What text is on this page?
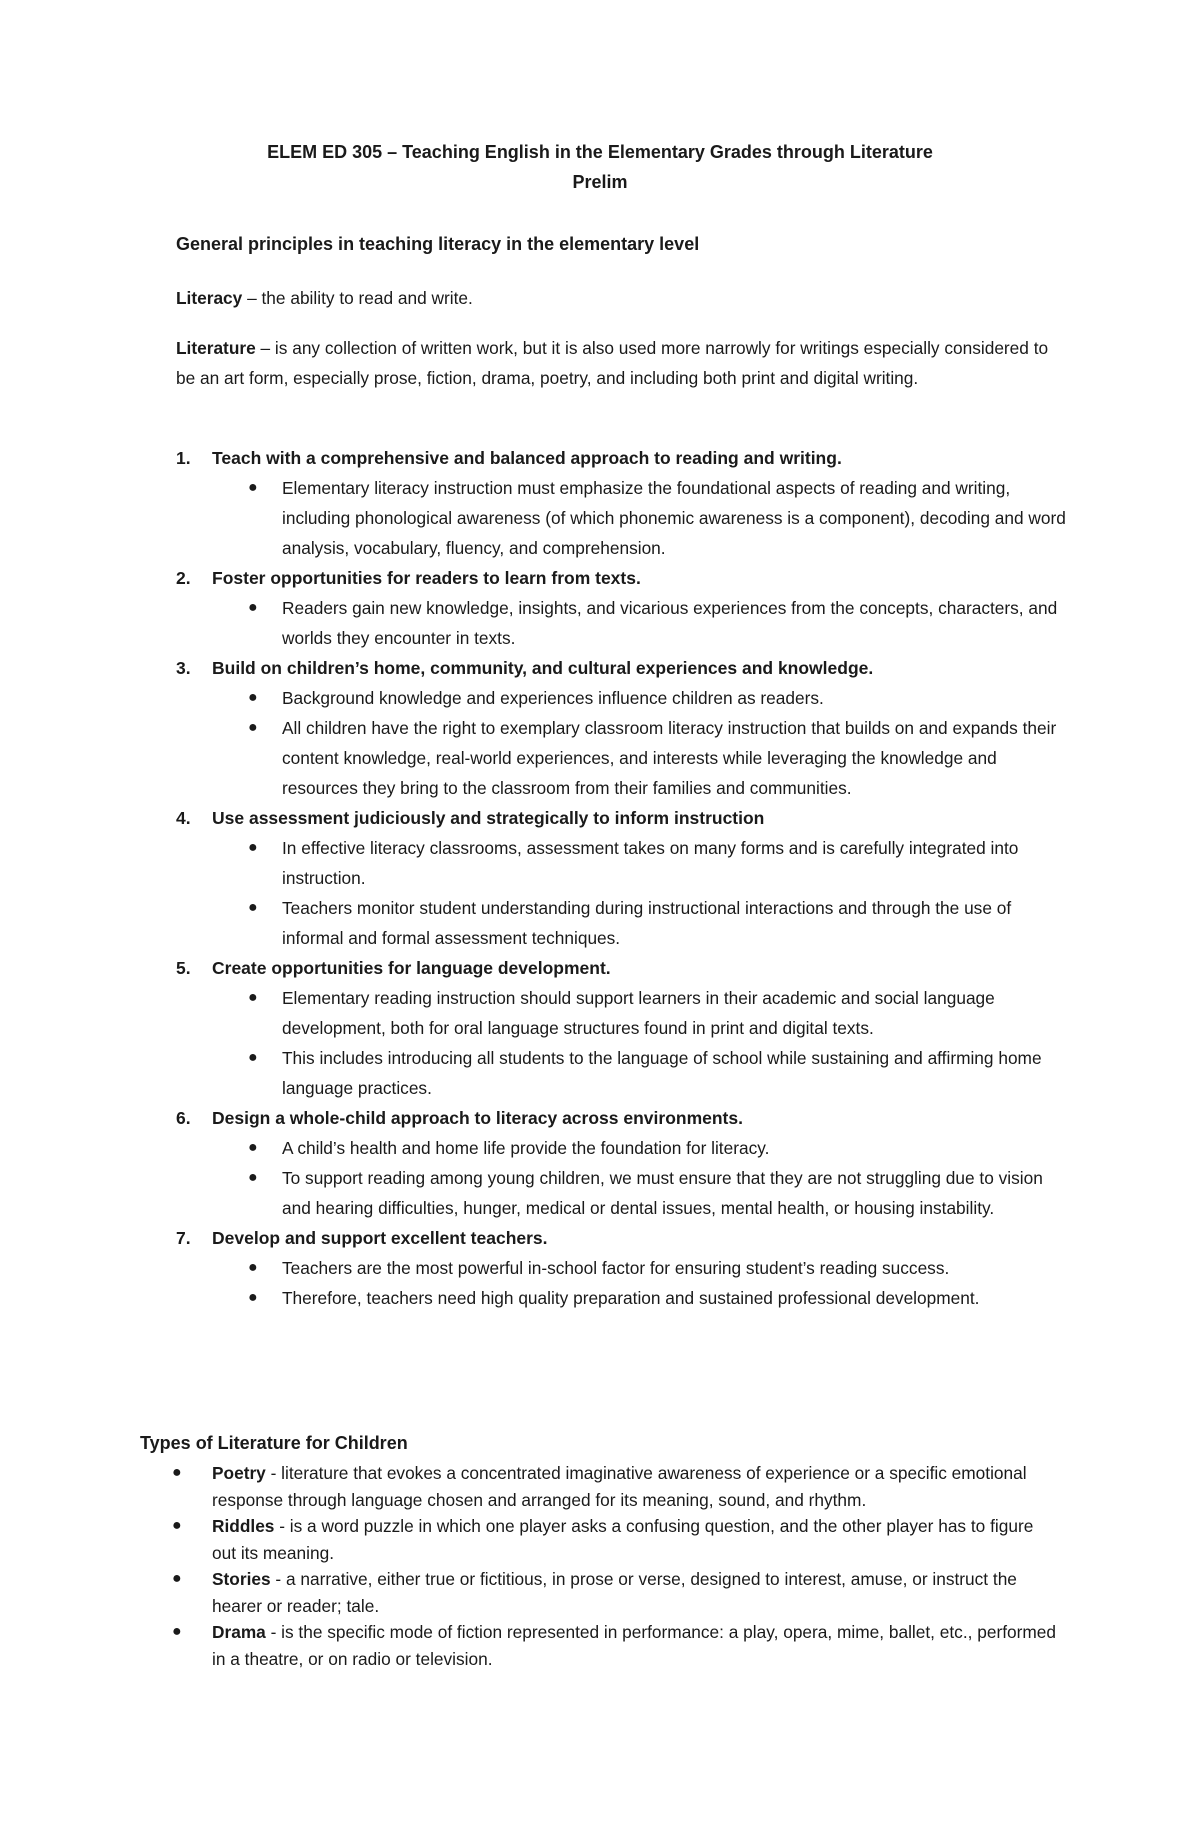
ELEM ED 305 – Teaching English in the Elementary Grades through Literature
Prelim
General principles in teaching literacy in the elementary level
Literacy – the ability to read and write.
Literature – is any collection of written work, but it is also used more narrowly for writings especially considered to be an art form, especially prose, fiction, drama, poetry, and including both print and digital writing.
1. Teach with a comprehensive and balanced approach to reading and writing.
● Elementary literacy instruction must emphasize the foundational aspects of reading and writing, including phonological awareness (of which phonemic awareness is a component), decoding and word analysis, vocabulary, fluency, and comprehension.
2. Foster opportunities for readers to learn from texts.
● Readers gain new knowledge, insights, and vicarious experiences from the concepts, characters, and worlds they encounter in texts.
3. Build on children’s home, community, and cultural experiences and knowledge.
● Background knowledge and experiences influence children as readers.
● All children have the right to exemplary classroom literacy instruction that builds on and expands their content knowledge, real-world experiences, and interests while leveraging the knowledge and resources they bring to the classroom from their families and communities.
4. Use assessment judiciously and strategically to inform instruction
● In effective literacy classrooms, assessment takes on many forms and is carefully integrated into instruction.
● Teachers monitor student understanding during instructional interactions and through the use of informal and formal assessment techniques.
5. Create opportunities for language development.
● Elementary reading instruction should support learners in their academic and social language development, both for oral language structures found in print and digital texts.
● This includes introducing all students to the language of school while sustaining and affirming home language practices.
6. Design a whole-child approach to literacy across environments.
● A child’s health and home life provide the foundation for literacy.
● To support reading among young children, we must ensure that they are not struggling due to vision and hearing difficulties, hunger, medical or dental issues, mental health, or housing instability.
7. Develop and support excellent teachers.
● Teachers are the most powerful in-school factor for ensuring student’s reading success.
● Therefore, teachers need high quality preparation and sustained professional development.
Types of Literature for Children
● Poetry - literature that evokes a concentrated imaginative awareness of experience or a specific emotional response through language chosen and arranged for its meaning, sound, and rhythm.
● Riddles - is a word puzzle in which one player asks a confusing question, and the other player has to figure out its meaning.
● Stories - a narrative, either true or fictitious, in prose or verse, designed to interest, amuse, or instruct the hearer or reader; tale.
● Drama - is the specific mode of fiction represented in performance: a play, opera, mime, ballet, etc., performed in a theatre, or on radio or television.
